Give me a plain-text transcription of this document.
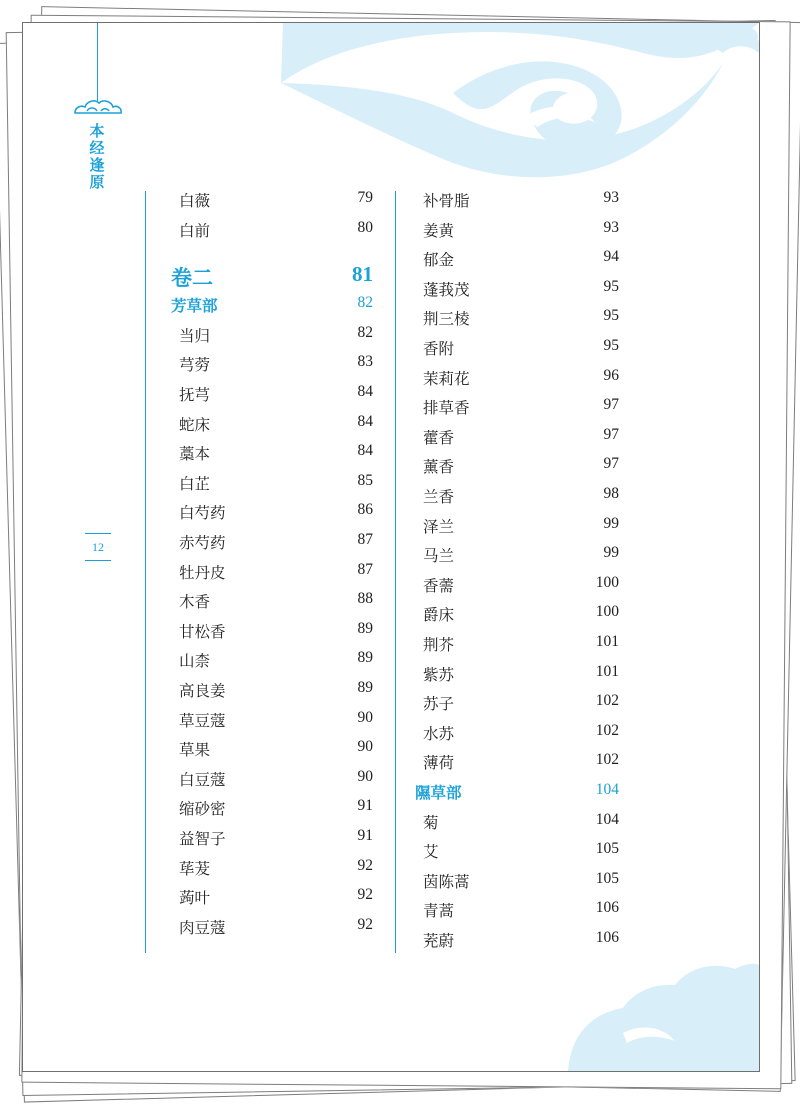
本经逢原
12
白薇	79
白前	80
卷二	81
芳草部	82
当归	82
芎䓖	83
抚芎	84
蛇床	84
藁本	84
白芷	85
白芍药	86
赤芍药	87
牡丹皮	87
木香	88
甘松香	89
山柰	89
高良姜	89
草豆蔻	90
草果	90
白豆蔻	90
缩砂密	91
益智子	91
荜茇	92
蒟叶	92
肉豆蔻	92
补骨脂	93
姜黄	93
郁金	94
蓬莪茂	95
荆三棱	95
香附	95
茉莉花	96
排草香	97
藿香	97
薰香	97
兰香	98
泽兰	99
马兰	99
香薷	100
爵床	100
荆芥	101
紫苏	101
苏子	102
水苏	102
薄荷	102
隰草部	104
菊	104
艾	105
茵陈蒿	105
青蒿	106
茺蔚	106
